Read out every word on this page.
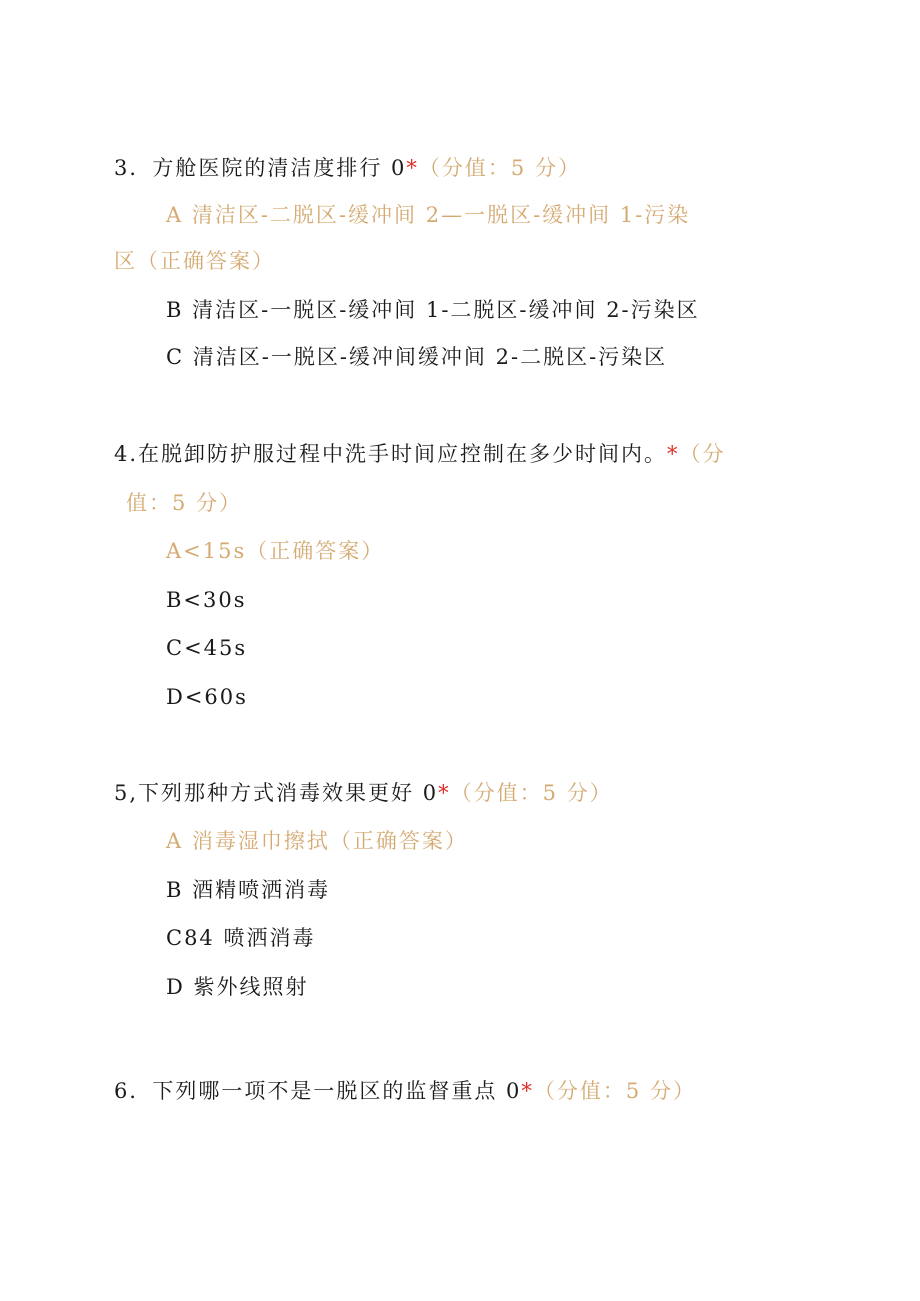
3．方舱医院的清洁度排行 0*（分值：5 分）
A 清洁区-二脱区-缓冲间 2—一脱区-缓冲间 1-污染
区（正确答案）
B 清洁区-一脱区-缓冲间 1-二脱区-缓冲间 2-污染区
C 清洁区-一脱区-缓冲间缓冲间 2-二脱区-污染区
4.在脱卸防护服过程中洗手时间应控制在多少时间内。*（分
值：5 分）
A<15s（正确答案）
B<30s
C<45s
D<60s
5,下列那种方式消毒效果更好 0*（分值：5 分）
A 消毒湿巾擦拭（正确答案）
B 酒精喷洒消毒
C84 喷洒消毒
D 紫外线照射
6．下列哪一项不是一脱区的监督重点 0*（分值：5 分）
